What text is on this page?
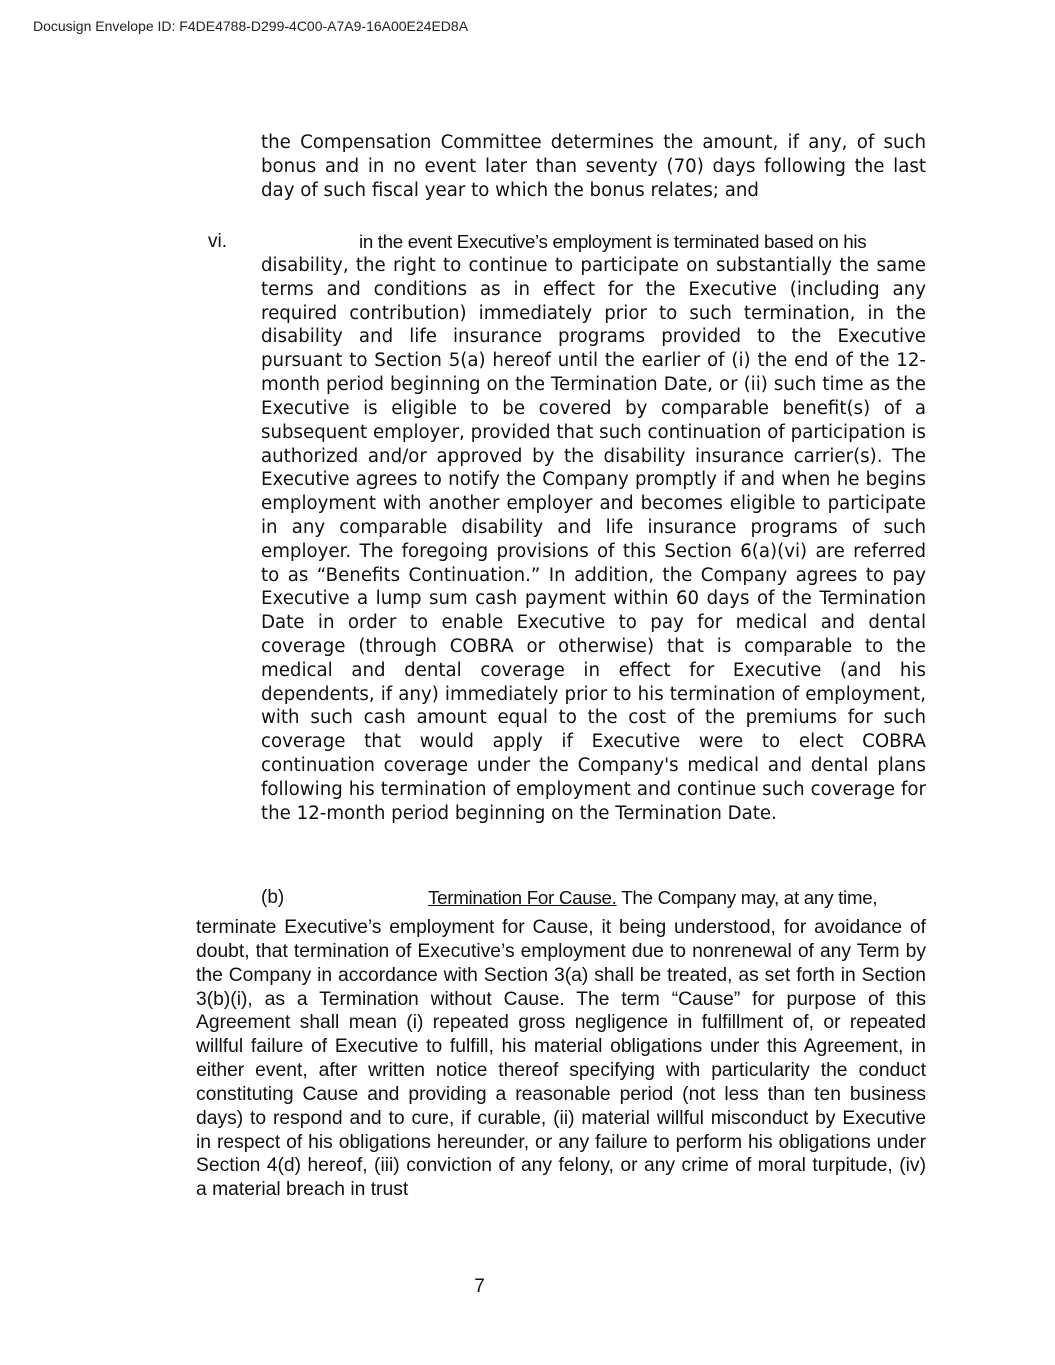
Docusign Envelope ID: F4DE4788-D299-4C00-A7A9-16A00E24ED8A
the Compensation Committee determines the amount, if any, of such bonus and in no event later than seventy (70) days following the last day of such fiscal year to which the bonus relates; and
vi.	in the event Executive’s employment is terminated based on his
disability, the right to continue to participate on substantially the same terms and conditions as in effect for the Executive (including any required contribution) immediately prior to such termination, in the disability and life insurance programs provided to the Executive pursuant to Section 5(a) hereof until the earlier of (i) the end of the 12-month period beginning on the Termination Date, or (ii) such time as the Executive is eligible to be covered by comparable benefit(s) of a subsequent employer, provided that such continuation of participation is authorized and/or approved by the disability insurance carrier(s). The Executive agrees to notify the Company promptly if and when he begins employment with another employer and becomes eligible to participate in any comparable disability and life insurance programs of such employer. The foregoing provisions of this Section 6(a)(vi) are referred to as “Benefits Continuation.” In addition, the Company agrees to pay Executive a lump sum cash payment within 60 days of the Termination Date in order to enable Executive to pay for medical and dental coverage (through COBRA or otherwise) that is comparable to the medical and dental coverage in effect for Executive (and his dependents, if any) immediately prior to his termination of employment, with such cash amount equal to the cost of the premiums for such coverage that would apply if Executive were to elect COBRA continuation coverage under the Company's medical and dental plans following his termination of employment and continue such coverage for the 12-month period beginning on the Termination Date.
(b)	Termination For Cause. The Company may, at any time,
terminate Executive’s employment for Cause, it being understood, for avoidance of doubt, that termination of Executive’s employment due to nonrenewal of any Term by the Company in accordance with Section 3(a) shall be treated, as set forth in Section 3(b)(i), as a Termination without Cause. The term “Cause” for purpose of this Agreement shall mean (i) repeated gross negligence in fulfillment of, or repeated willful failure of Executive to fulfill, his material obligations under this Agreement, in either event, after written notice thereof specifying with particularity the conduct constituting Cause and providing a reasonable period (not less than ten business days) to respond and to cure, if curable, (ii) material willful misconduct by Executive in respect of his obligations hereunder, or any failure to perform his obligations under Section 4(d) hereof, (iii) conviction of any felony, or any crime of moral turpitude, (iv) a material breach in trust
7
